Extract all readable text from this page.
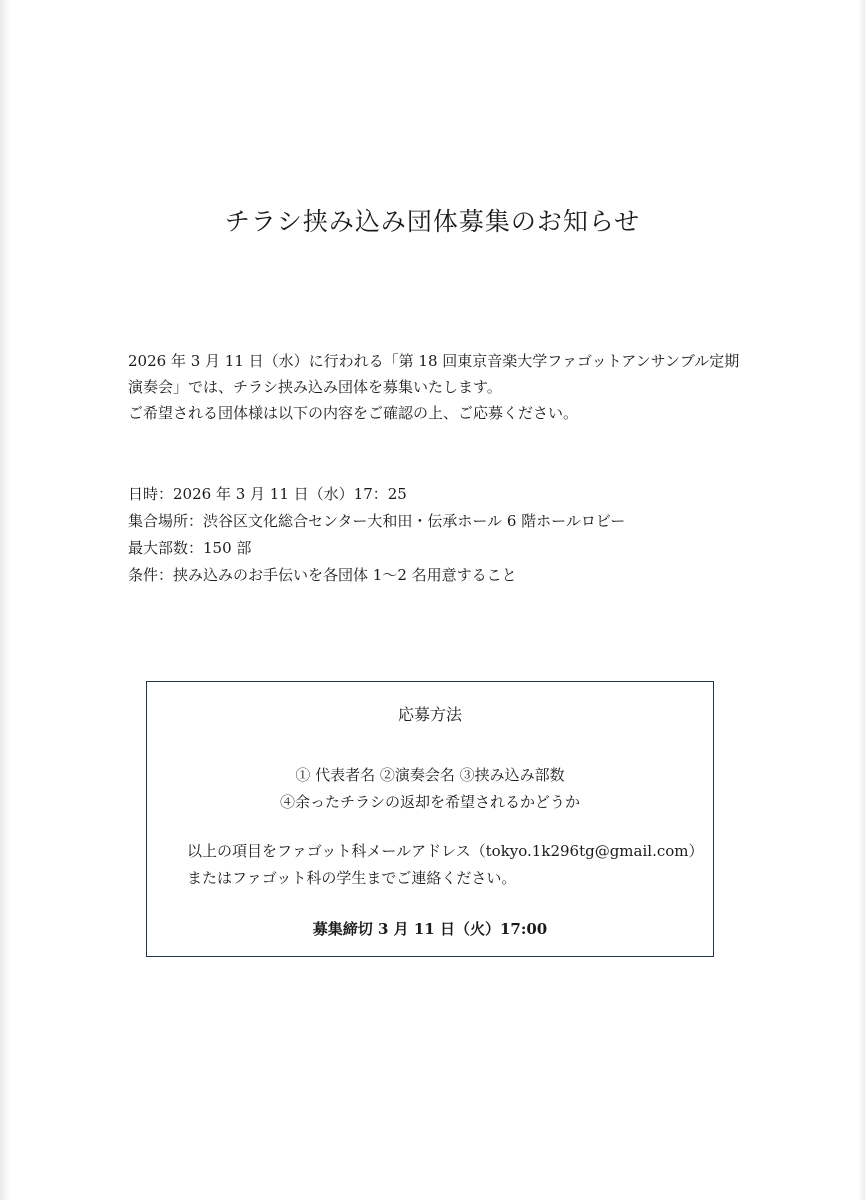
チラシ挟み込み団体募集のお知らせ

2026 年 3 月 11 日（水）に行われる「第 18 回東京音楽大学ファゴットアンサンブル定期

演奏会」では、チラシ挟み込み団体を募集いたします。

ご希望される団体様は以下の内容をご確認の上、ご応募ください。

日時：2026 年 3 月 11 日（水）17：25

集合場所：渋谷区文化総合センター大和田・伝承ホール 6 階ホールロビー

最大部数：150 部

条件：挟み込みのお手伝いを各団体 1〜2 名用意すること

応募方法

① 代表者名 ②演奏会名 ③挟み込み部数

④余ったチラシの返却を希望されるかどうか

以上の項目をファゴット科メールアドレス（tokyo.1k296tg@gmail.com）

またはファゴット科の学生までご連絡ください。

募集締切 3 月 11 日（火）17:00
